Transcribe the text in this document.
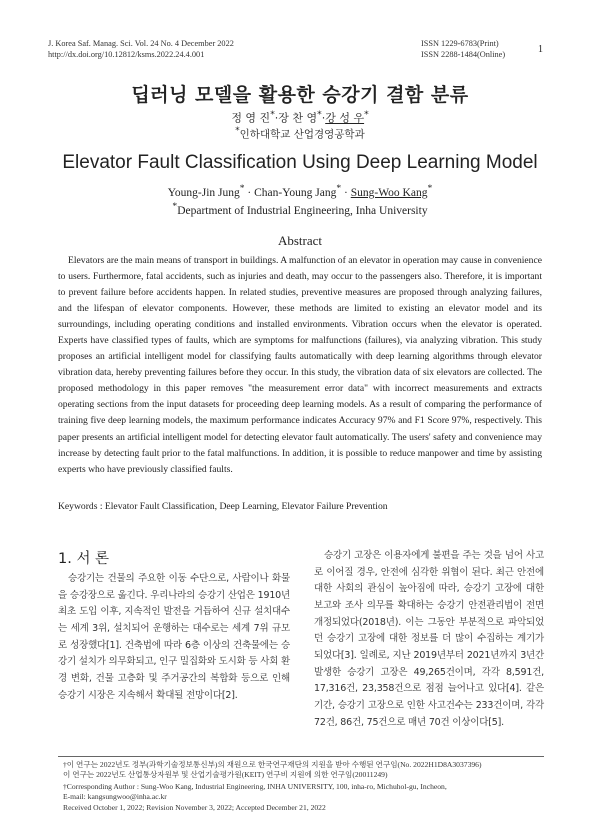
J. Korea Saf. Manag. Sci. Vol. 24 No. 4 December 2022
http://dx.doi.org/10.12812/ksms.2022.24.4.001
ISSN 1229-6783(Print)
ISSN 2288-1484(Online)	1
딥러닝 모델을 활용한 승강기 결함 분류
정 영 진*·장 찬 영*·강 성 우*
*인하대학교 산업경영공학과
Elevator Fault Classification Using Deep Learning Model
Young-Jin Jung* · Chan-Young Jang* · Sung-Woo Kang*
*Department of Industrial Engineering, Inha University
Abstract

Elevators are the main means of transport in buildings. A malfunction of an elevator in operation may cause in convenience to users. Furthermore, fatal accidents, such as injuries and death, may occur to the passengers also. Therefore, it is important to prevent failure before accidents happen. In related studies, preventive measures are proposed through analyzing failures, and the lifespan of elevator components. However, these methods are limited to existing an elevator model and its surroundings, including operating conditions and installed environments. Vibration occurs when the elevator is operated. Experts have classified types of faults, which are symptoms for malfunctions (failures), via analyzing vibration. This study proposes an artificial intelligent model for classifying faults automatically with deep learning algorithms through elevator vibration data, hereby preventing failures before they occur. In this study, the vibration data of six elevators are collected. The proposed methodology in this paper removes "the measurement error data" with incorrect measurements and extracts operating sections from the input datasets for proceeding deep learning models. As a result of comparing the performance of training five deep learning models, the maximum performance indicates Accuracy 97% and F1 Score 97%, respectively. This paper presents an artificial intelligent model for detecting elevator fault automatically. The users' safety and convenience may increase by detecting fault prior to the fatal malfunctions. In addition, it is possible to reduce manpower and time by assisting experts who have previously classified faults.

Keywords : Elevator Fault Classification, Deep Learning, Elevator Failure Prevention
1. 서 론

승강기는 건물의 주요한 이동 수단으로, 사람이나 화물을 승강장으로 옮긴다. 우리나라의 승강기 산업은 1910년 최초 도입 이후, 지속적인 발전을 거듭하여 신규 설치대수는 세계 3위, 설치되어 운행하는 대수로는 세계 7위 규모로 성장했다[1]. 건축법에 따라 6층 이상의 건축물에는 승강기 설치가 의무화되고, 인구 밀집화와 도시화 등 사회 환경 변화, 건물 고층화 및 주거공간의 복합화 등으로 인해 승강기 시장은 지속해서 확대될 전망이다[2].

승강기 고장은 이용자에게 불편을 주는 것을 넘어 사고로 이어질 경우, 안전에 심각한 위협이 된다. 최근 안전에 대한 사회의 관심이 높아짐에 따라, 승강기 고장에 대한 보고와 조사 의무를 확대하는 승강기 안전관리법이 전면 개정되었다(2018년). 이는 그동안 부분적으로 파악되었던 승강기 고장에 대한 정보를 더 많이 수집하는 계기가 되었다[3]. 일례로, 지난 2019년부터 2021년까지 3년간 발생한 승강기 고장은 49,265건이며, 각각 8,591건, 17,316건, 23,358건으로 점점 늘어나고 있다[4]. 같은 기간, 승강기 고장으로 인한 사고건수는 233건이며, 각각 72건, 86건, 75건으로 매년 70건 이상이다[5].

†이 연구는 2022년도 정부(과학기술정보통신부)의 재원으로 한국연구재단의 지원을 받아 수행된 연구임(No. 2022H1D8A3037396)
이 연구는 2022년도 산업통상자원부 및 산업기술평가원(KEIT) 연구비 지원에 의한 연구임(20011249)
†Corresponding Author : Sung-Woo Kang, Industrial Engineering, INHA UNIVERSITY, 100, inha-ro, Michuhol-gu, Incheon,
E-mail: kangsungwoo@inha.ac.kr
Received October 1, 2022; Revision November 3, 2022; Accepted December 21, 2022
